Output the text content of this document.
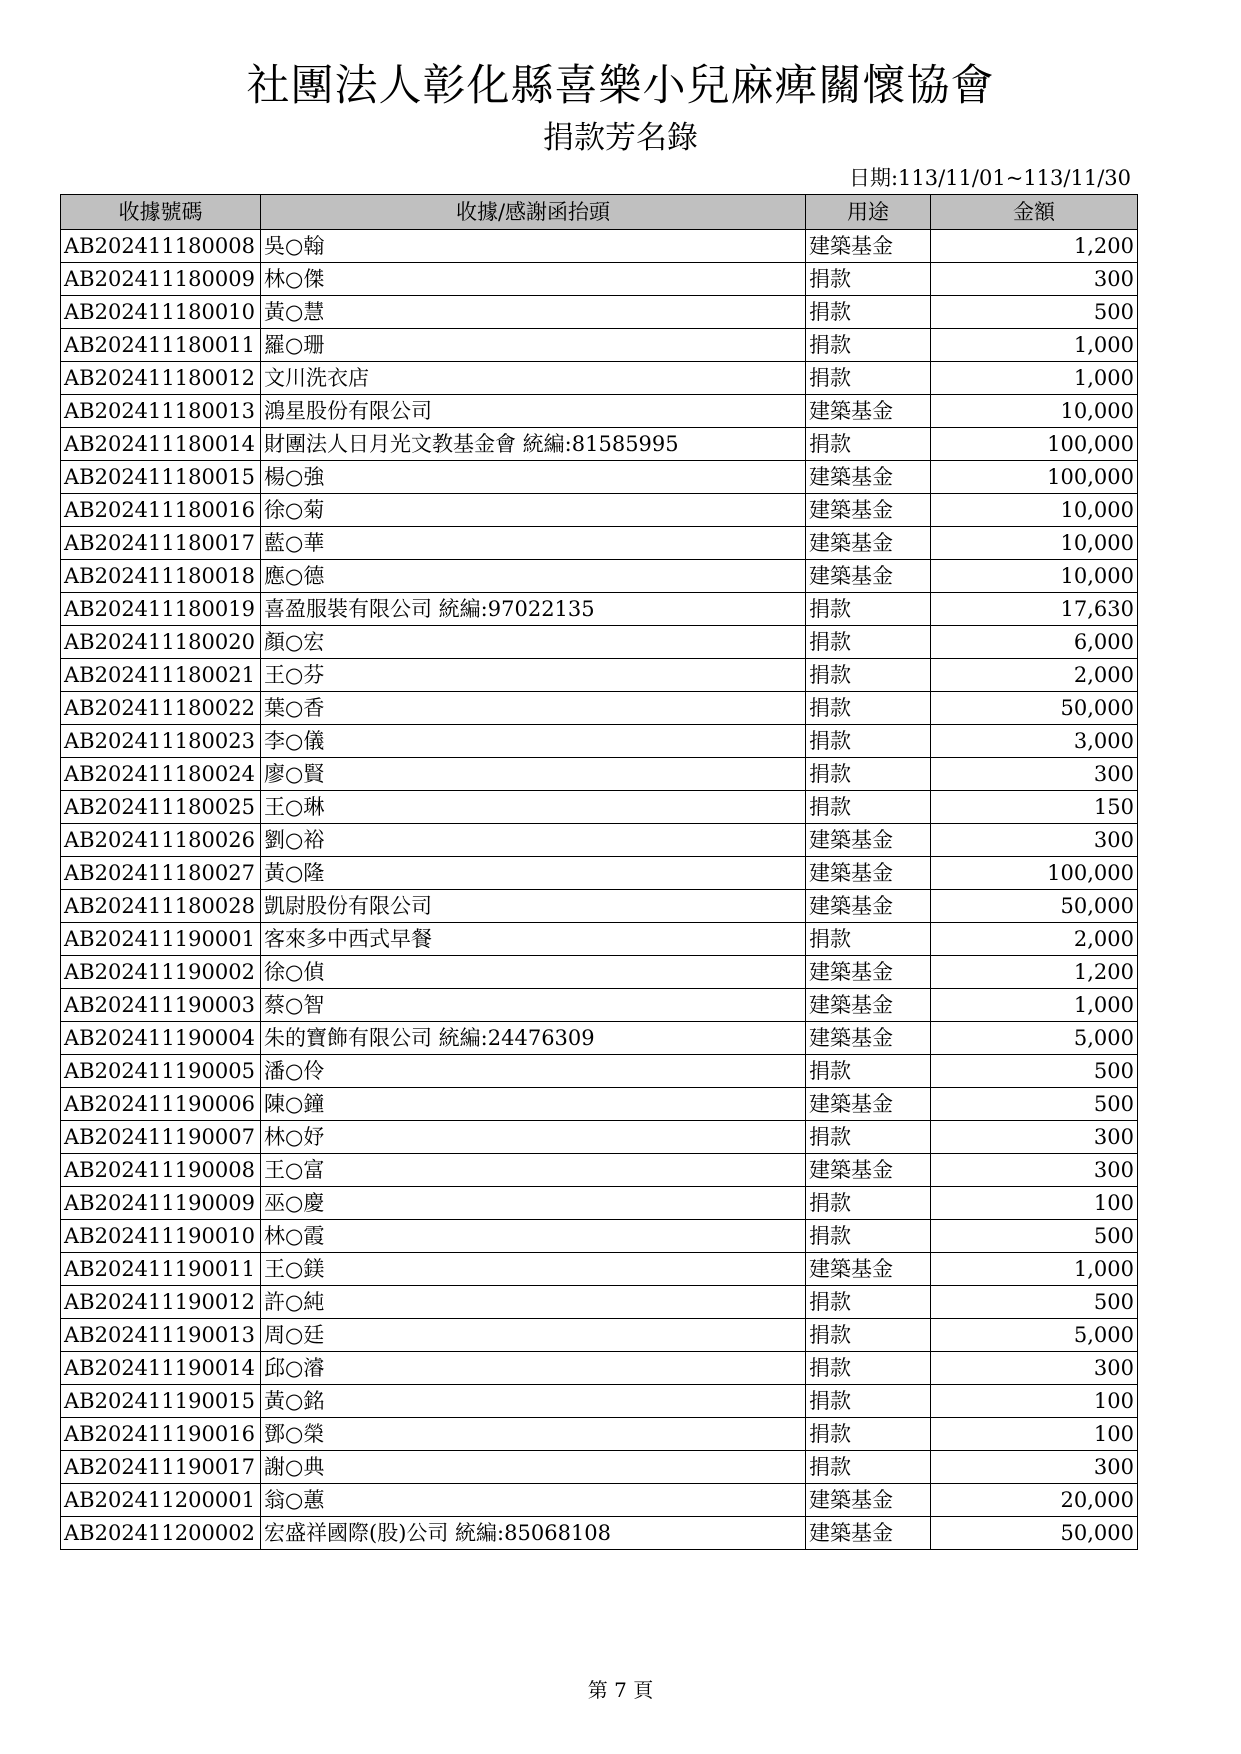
社團法人彰化縣喜樂小兒麻痺關懷協會
捐款芳名錄
日期:113/11/01~113/11/30
收據號碼	收據/感謝函抬頭	用途	金額
AB202411180008	吳○翰	建築基金	1,200
AB202411180009	林○傑	捐款	300
AB202411180010	黃○慧	捐款	500
AB202411180011	羅○珊	捐款	1,000
AB202411180012	文川洗衣店	捐款	1,000
AB202411180013	鴻星股份有限公司	建築基金	10,000
AB202411180014	財團法人日月光文教基金會 統編:81585995	捐款	100,000
AB202411180015	楊○強	建築基金	100,000
AB202411180016	徐○菊	建築基金	10,000
AB202411180017	藍○華	建築基金	10,000
AB202411180018	應○德	建築基金	10,000
AB202411180019	喜盈服裝有限公司 統編:97022135	捐款	17,630
AB202411180020	顏○宏	捐款	6,000
AB202411180021	王○芬	捐款	2,000
AB202411180022	葉○香	捐款	50,000
AB202411180023	李○儀	捐款	3,000
AB202411180024	廖○賢	捐款	300
AB202411180025	王○琳	捐款	150
AB202411180026	劉○裕	建築基金	300
AB202411180027	黃○隆	建築基金	100,000
AB202411180028	凱尉股份有限公司	建築基金	50,000
AB202411190001	客來多中西式早餐	捐款	2,000
AB202411190002	徐○偵	建築基金	1,200
AB202411190003	蔡○智	建築基金	1,000
AB202411190004	朱的寶飾有限公司 統編:24476309	建築基金	5,000
AB202411190005	潘○伶	捐款	500
AB202411190006	陳○鐘	建築基金	500
AB202411190007	林○妤	捐款	300
AB202411190008	王○富	建築基金	300
AB202411190009	巫○慶	捐款	100
AB202411190010	林○霞	捐款	500
AB202411190011	王○鎂	建築基金	1,000
AB202411190012	許○純	捐款	500
AB202411190013	周○廷	捐款	5,000
AB202411190014	邱○濬	捐款	300
AB202411190015	黃○銘	捐款	100
AB202411190016	鄧○榮	捐款	100
AB202411190017	謝○典	捐款	300
AB202411200001	翁○蕙	建築基金	20,000
AB202411200002	宏盛祥國際(股)公司 統編:85068108	建築基金	50,000
第 7 頁
